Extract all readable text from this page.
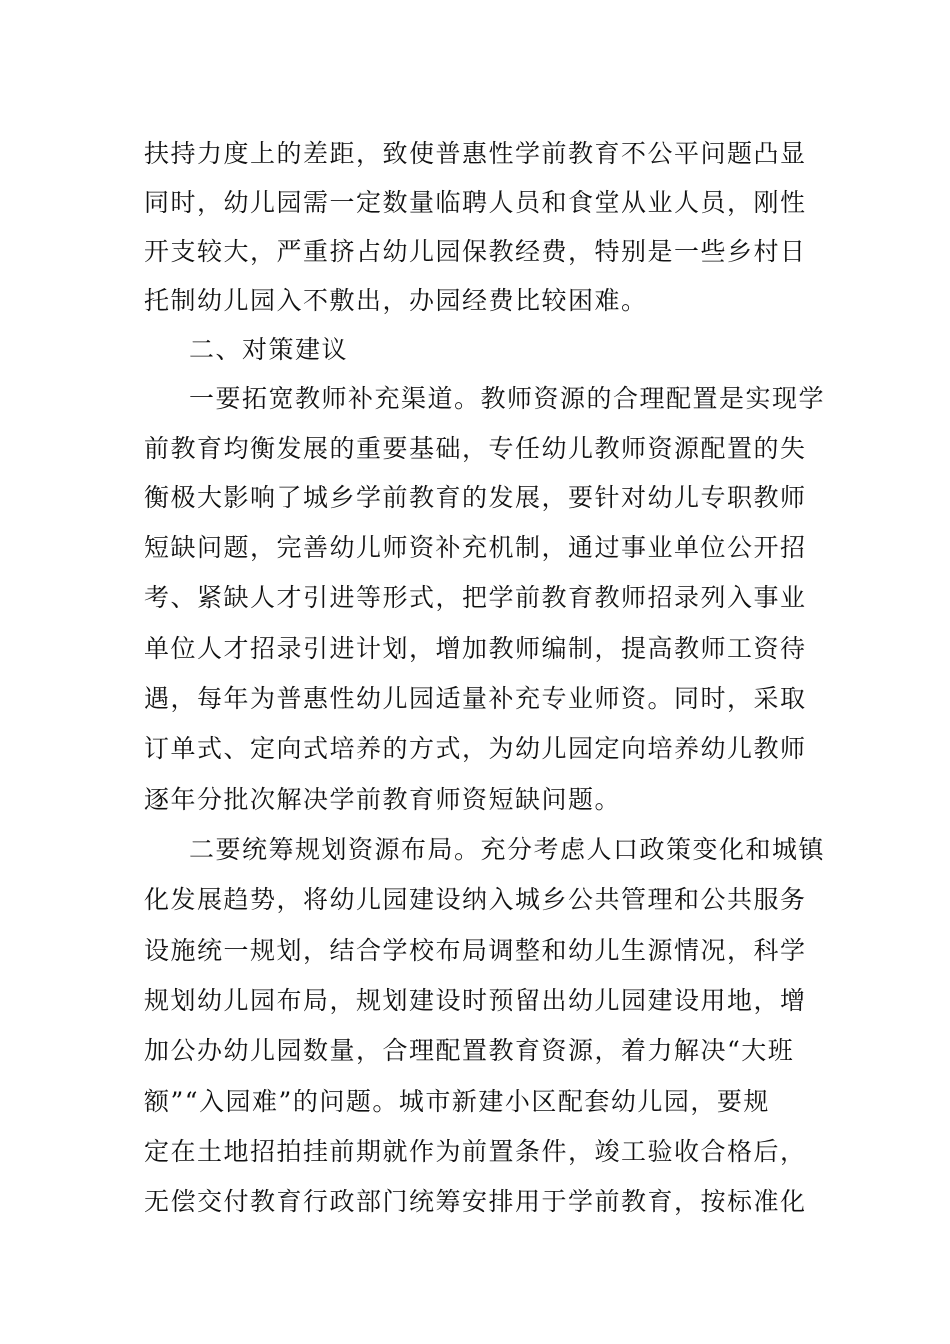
扶持力度上的差距，致使普惠性学前教育不公平问题凸显
同时，幼儿园需一定数量临聘人员和食堂从业人员，刚性
开支较大，严重挤占幼儿园保教经费，特别是一些乡村日
托制幼儿园入不敷出，办园经费比较困难。
二、对策建议
一要拓宽教师补充渠道。教师资源的合理配置是实现学
前教育均衡发展的重要基础，专任幼儿教师资源配置的失
衡极大影响了城乡学前教育的发展，要针对幼儿专职教师
短缺问题，完善幼儿师资补充机制，通过事业单位公开招
考、紧缺人才引进等形式，把学前教育教师招录列入事业
单位人才招录引进计划，增加教师编制，提高教师工资待
遇，每年为普惠性幼儿园适量补充专业师资。同时，采取
订单式、定向式培养的方式，为幼儿园定向培养幼儿教师
逐年分批次解决学前教育师资短缺问题。
二要统筹规划资源布局。充分考虑人口政策变化和城镇
化发展趋势，将幼儿园建设纳入城乡公共管理和公共服务
设施统一规划，结合学校布局调整和幼儿生源情况，科学
规划幼儿园布局，规划建设时预留出幼儿园建设用地，增
加公办幼儿园数量，合理配置教育资源，着力解决“大班
额”“入园难”的问题。城市新建小区配套幼儿园，要规
定在土地招拍挂前期就作为前置条件，竣工验收合格后，
无偿交付教育行政部门统筹安排用于学前教育，按标准化
